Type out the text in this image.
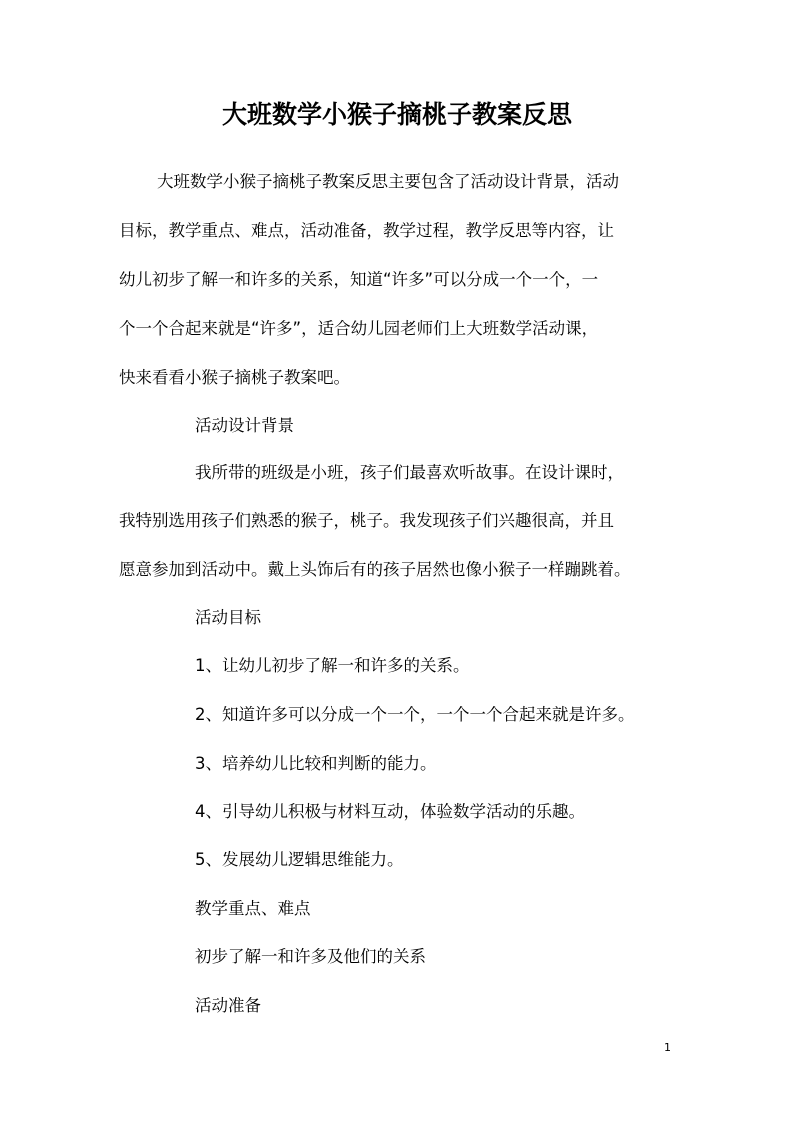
大班数学小猴子摘桃子教案反思
大班数学小猴子摘桃子教案反思主要包含了活动设计背景，活动
目标，教学重点、难点，活动准备，教学过程，教学反思等内容，让
幼儿初步了解一和许多的关系，知道“许多”可以分成一个一个，一
个一个合起来就是“许多”，适合幼儿园老师们上大班数学活动课，
快来看看小猴子摘桃子教案吧。
活动设计背景
我所带的班级是小班，孩子们最喜欢听故事。在设计课时，
我特别选用孩子们熟悉的猴子，桃子。我发现孩子们兴趣很高，并且
愿意参加到活动中。戴上头饰后有的孩子居然也像小猴子一样蹦跳着。
活动目标
1、让幼儿初步了解一和许多的关系。
2、知道许多可以分成一个一个，一个一个合起来就是许多。
3、培养幼儿比较和判断的能力。
4、引导幼儿积极与材料互动，体验数学活动的乐趣。
5、发展幼儿逻辑思维能力。
教学重点、难点
初步了解一和许多及他们的关系
活动准备
1
